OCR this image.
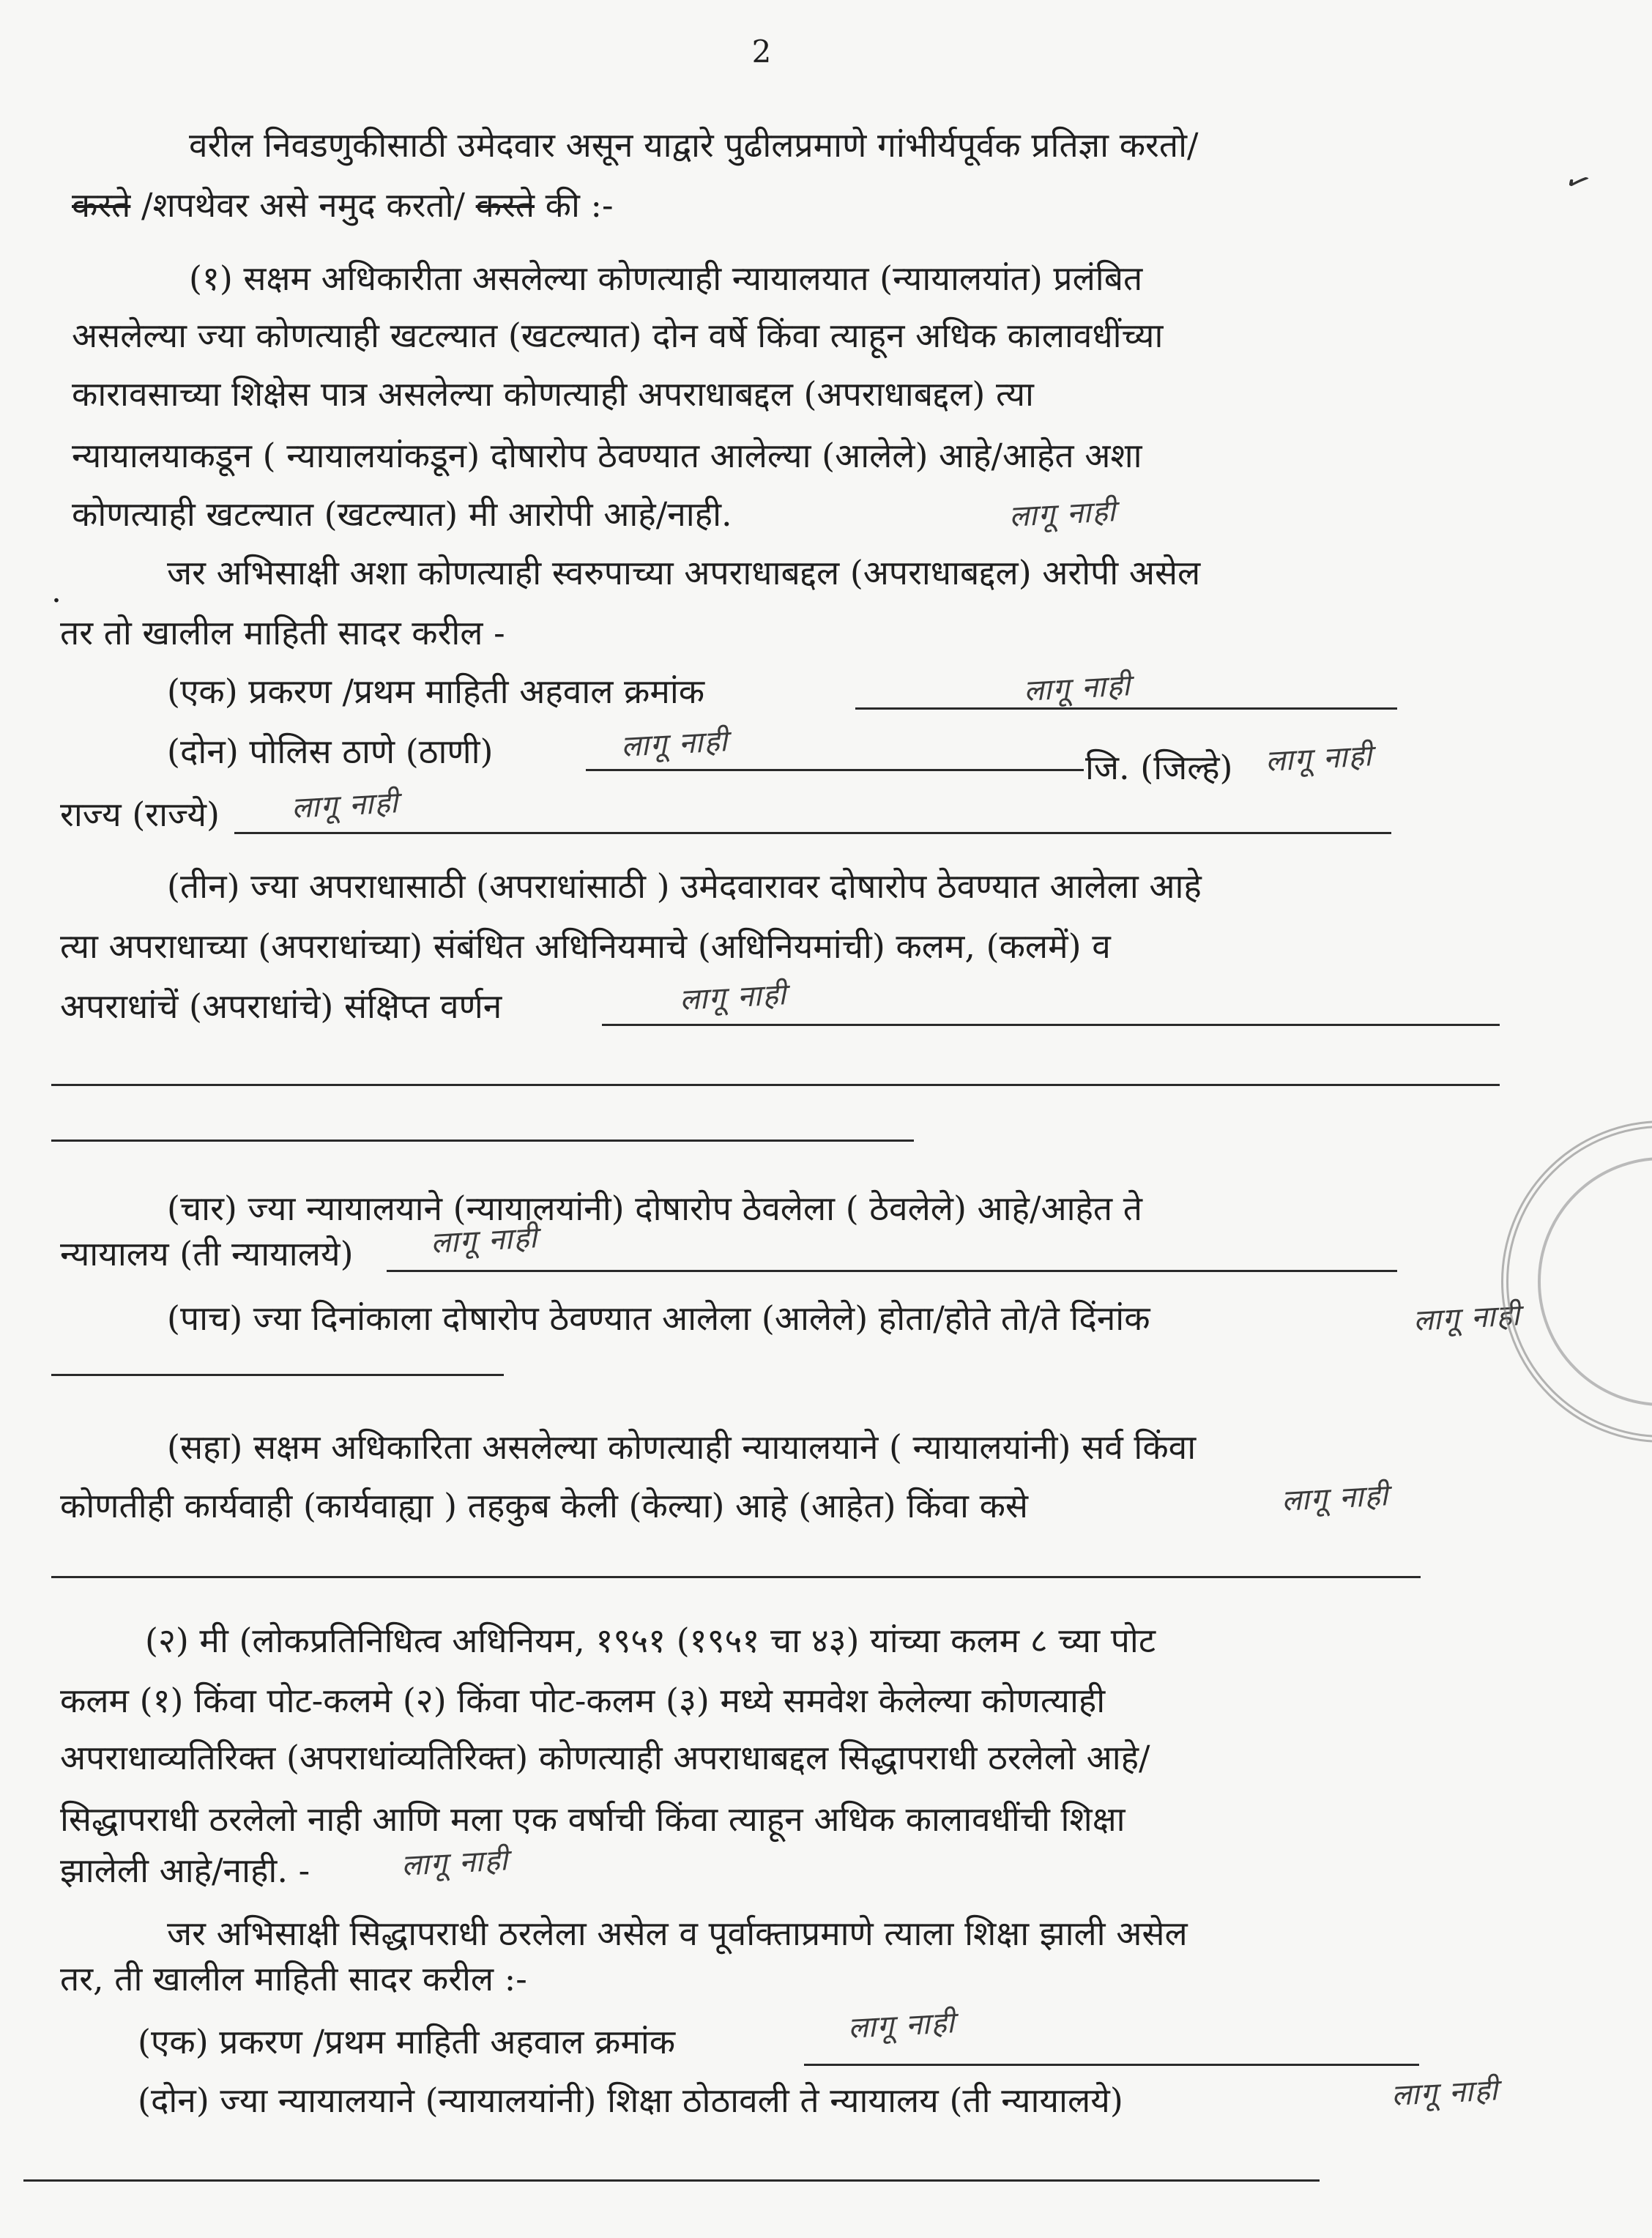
2
✓
वरील निवडणुकीसाठी उमेदवार असून याद्वारे पुढीलप्रमाणे गांभीर्यपूर्वक प्रतिज्ञा करतो/
करते /शपथेवर असे नमुद करतो/ करते की :-
(१) सक्षम अधिकारीता असलेल्या कोणत्याही न्यायालयात (न्यायालयांत) प्रलंबित
असलेल्या ज्या कोणत्याही खटल्यात (खटल्यात) दोन वर्षे किंवा त्याहून अधिक कालावधींच्या
कारावसाच्या शिक्षेस पात्र असलेल्या कोणत्याही अपराधाबद्दल (अपराधाबद्दल) त्या
न्यायालयाकडून ( न्यायालयांकडून) दोषारोप ठेवण्यात आलेल्या (आलेले) आहे/आहेत अशा
कोणत्याही खटल्यात (खटल्यात) मी आरोपी आहे/नाही.	लागू नाही
.	जर अभिसाक्षी अशा कोणत्याही स्वरुपाच्या अपराधाबद्दल (अपराधाबद्दल) अरोपी असेल
तर तो खालील माहिती सादर करील -
(एक) प्रकरण /प्रथम माहिती अहवाल क्रमांक	लागू नाही
(दोन) पोलिस ठाणे (ठाणी)	लागू नाही
जि. (जिल्हे) लागू नाही
राज्य (राज्ये) लागू नाही
(तीन) ज्या अपराधासाठी (अपराधांसाठी ) उमेदवारावर दोषारोप ठेवण्यात आलेला आहे
त्या अपराधाच्या (अपराधांच्या) संबंधित अधिनियमाचे (अधिनियमांची) कलम, (कलमें) व
अपराधांचें (अपराधांचे) संक्षिप्त वर्णन	लागू नाही
(चार) ज्या न्यायालयाने (न्यायालयांनी) दोषारोप ठेवलेला ( ठेवलेले) आहे/आहेत ते
न्यायालय (ती न्यायालये)	लागू नाही
(पाच) ज्या दिनांकाला दोषारोप ठेवण्यात आलेला (आलेले) होता/होते तो/ते दिंनांक	लागू नाही
(सहा) सक्षम अधिकारिता असलेल्या कोणत्याही न्यायालयाने ( न्यायालयांनी) सर्व किंवा
कोणतीही कार्यवाही (कार्यवाह्या ) तहकुब केली (केल्या) आहे (आहेत) किंवा कसे	लागू नाही
(२) मी (लोकप्रतिनिधित्व अधिनियम, १९५१ (१९५१ चा ४३) यांच्या कलम ८ च्या पोट
कलम (१) किंवा पोट-कलमे (२) किंवा पोट-कलम (३) मध्ये समवेश केलेल्या कोणत्याही
अपराधाव्यतिरिक्त (अपराधांव्यतिरिक्त) कोणत्याही अपराधाबद्दल सिद्धापराधी ठरलेलो आहे/
सिद्धापराधी ठरलेलो नाही आणि मला एक वर्षाची किंवा त्याहून अधिक कालावधींची शिक्षा
झालेली आहे/नाही. -	लागू नाही
जर अभिसाक्षी सिद्धापराधी ठरलेला असेल व पूर्वाक्ताप्रमाणे त्याला शिक्षा झाली असेल
तर, ती खालील माहिती सादर करील :-
(एक) प्रकरण /प्रथम माहिती अहवाल क्रमांक	लागू नाही
(दोन) ज्या न्यायालयाने (न्यायालयांनी) शिक्षा ठोठावली ते न्यायालय (ती न्यायालये)	लागू नाही
